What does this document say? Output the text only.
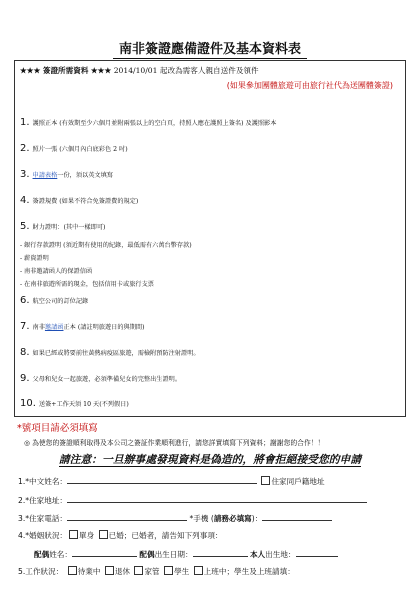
南非簽證應備證件及基本資料表
★★★ 簽證所需資料 ★★★ 2014/10/01 起改為需客人親自送件及領件
(如果參加團體旅遊可由旅行社代為送團體簽證)
1. 護照正本 (有效期至少六個月並附兩張以上的空白頁，持照人應在護照上簽名) 及護照影本
2. 照片一張 (六個月內白底彩色 2 吋)
3. 申請表格一份，須以英文填寫
4. 簽證規費 (如果不符合免簽證費的規定)
5. 財力證明：(其中一樣即可)
- 銀行存款證明 (須近期有使用的紀錄，最低需有六萬台幣存款)
- 薪資證明
- 南非邀請函人的保證信函
- 在南非旅遊所需的現金，包括信用卡或旅行支票
6. 航空公司的訂位記錄
7. 南非邀請函正本 (請註明旅遊日的與期間)
8. 如果已經或將要前往黃熱病疫區旅遊，需檢附預防注射證明。
9. 父母和兒女一起旅遊，必須準備兒女的完整出生證明。
10. 送簽+工作天須 10 天(不列假日)
*號項目請必須填寫
◎ 為使您的簽證順利取得及本公司之簽証作業順利進行，請您詳實填寫下列資料；謝謝您的合作！！
請注意：一旦辦事處發現資料是偽造的，將會拒絕接受您的申請
1.*中文姓名：	住家同戶籍地址
2.*住家地址：
3.*住家電話：	*手機 (請務必填寫)：
4.*婚姻狀況： 單身 已婚；已婚者，請告知下列事項：
配偶姓名：	配偶出生日期：	本人出生地：
5.工作狀況： 待業中 退休 家管 學生 上班中；學生及上班請填：
